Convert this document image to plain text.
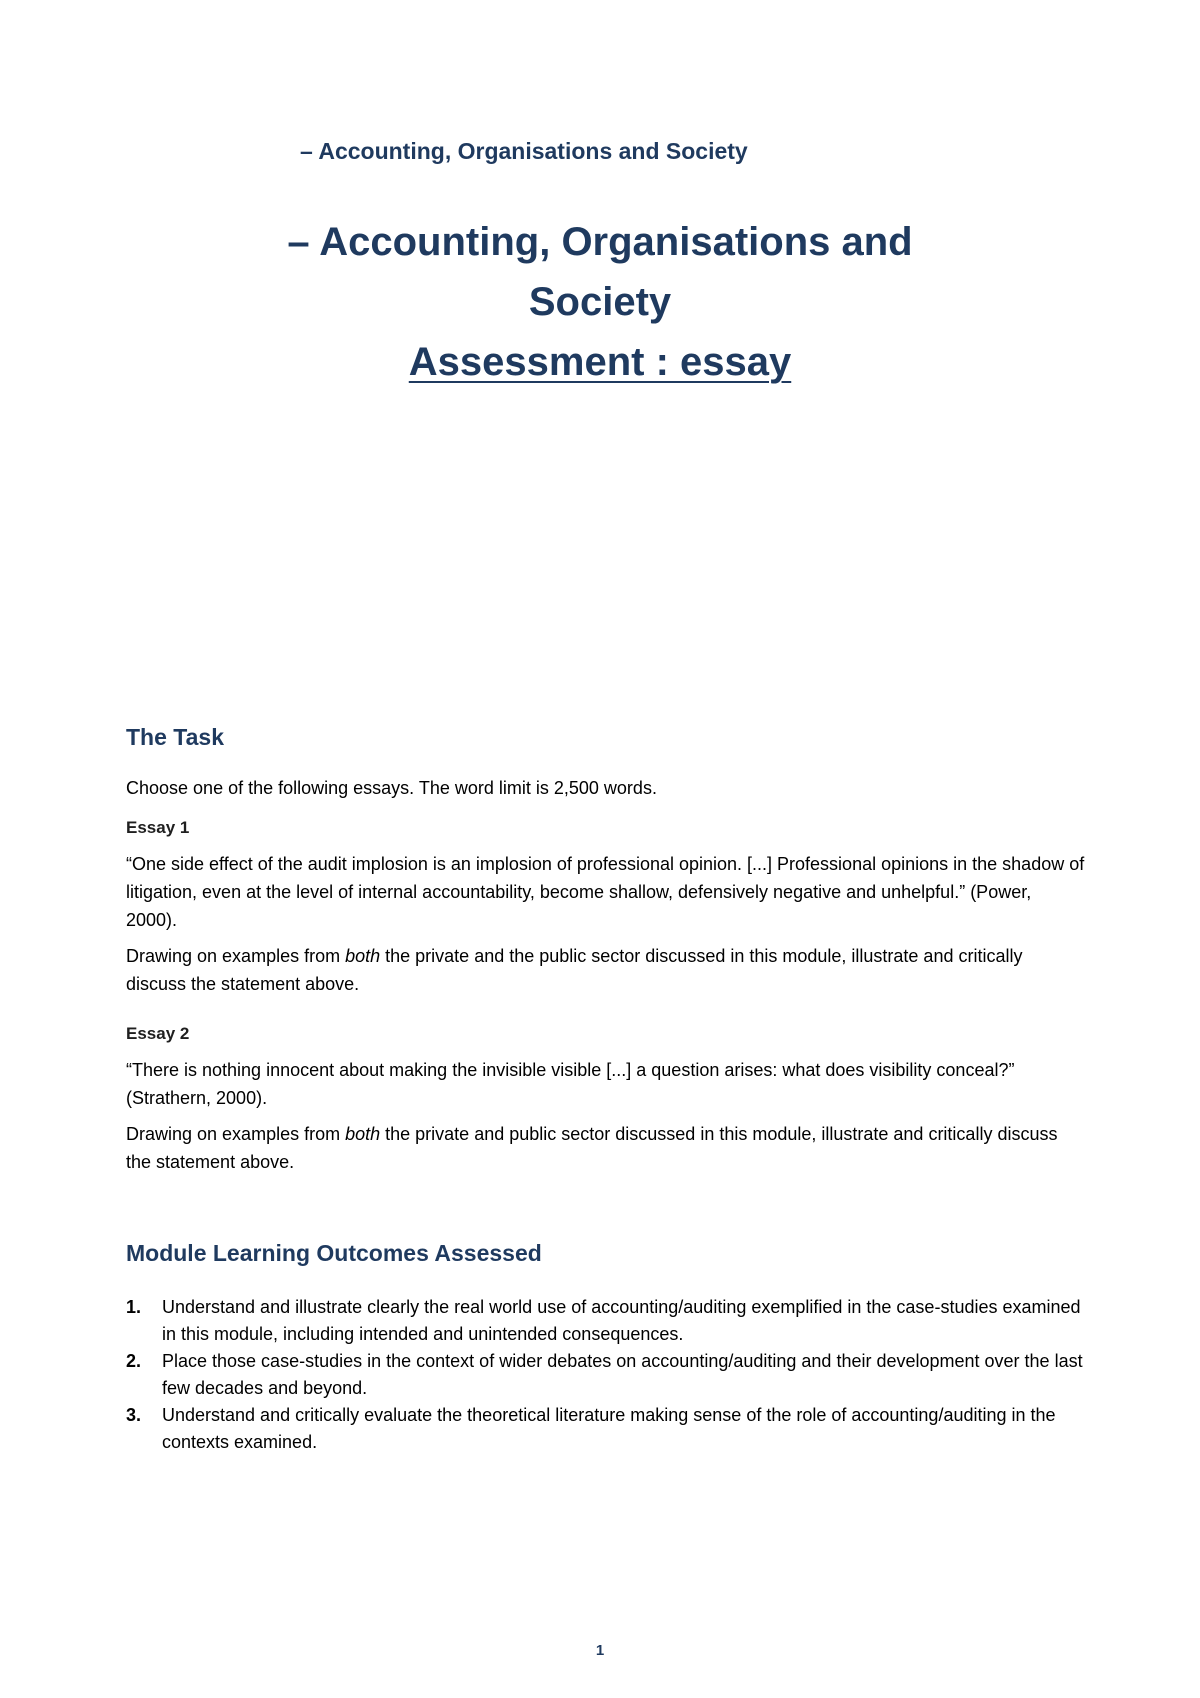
– Accounting, Organisations and Society
– Accounting, Organisations and
Society
Assessment : essay
The Task

Choose one of the following essays. The word limit is 2,500 words.

Essay 1

“One side effect of the audit implosion is an implosion of professional opinion. [...] Professional opinions in the shadow of litigation, even at the level of internal accountability, become shallow, defensively negative and unhelpful.” (Power, 2000).

Drawing on examples from both the private and the public sector discussed in this module, illustrate and critically discuss the statement above.

Essay 2

“There is nothing innocent about making the invisible visible [...] a question arises: what does visibility conceal?” (Strathern, 2000).

Drawing on examples from both the private and public sector discussed in this module, illustrate and critically discuss the statement above.

Module Learning Outcomes Assessed
1. Understand and illustrate clearly the real world use of accounting/auditing exemplified in the case-studies examined in this module, including intended and unintended consequences.
2. Place those case-studies in the context of wider debates on accounting/auditing and their development over the last few decades and beyond.
3. Understand and critically evaluate the theoretical literature making sense of the role of accounting/auditing in the contexts examined.
1
